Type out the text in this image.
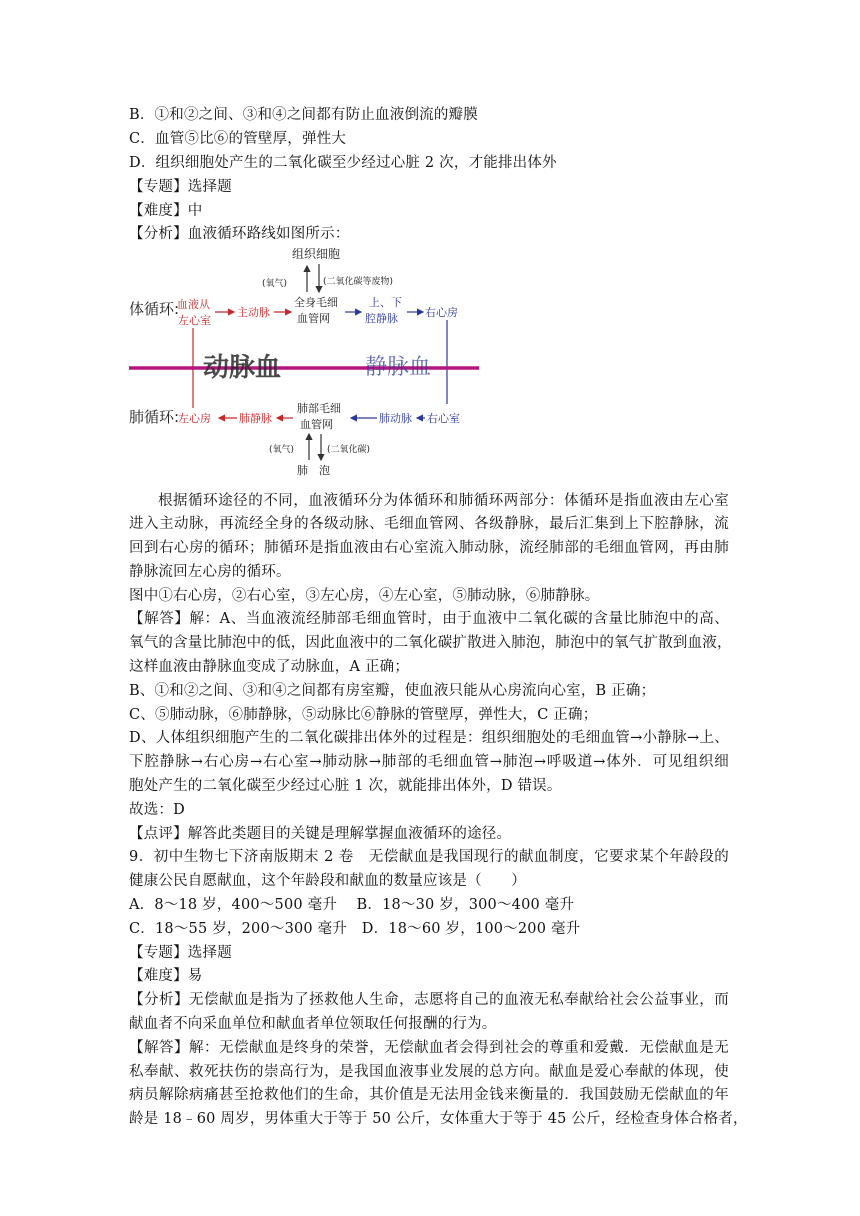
B．①和②之间、③和④之间都有防止血液倒流的瓣膜
C．血管⑤比⑥的管壁厚，弹性大
D．组织细胞处产生的二氧化碳至少经过心脏 2 次，才能排出体外
【专题】选择题
【难度】中
【分析】血液循环路线如图所示：
组织细胞
(氧气)	(二氧化碳等废物)
体循环:
血液从
左心室
主动脉
全身毛细
血管网
上、下
腔静脉 右心房
动脉血	静脉血
肺循环:
左心房	肺静脉
肺部毛细
血管网	肺动脉 右心室
(氧气)	(二氧化碳)
肺　泡
根据循环途径的不同，血液循环分为体循环和肺循环两部分：体循环是指血液由左心室
进入主动脉，再流经全身的各级动脉、毛细血管网、各级静脉，最后汇集到上下腔静脉，流
回到右心房的循环；肺循环是指血液由右心室流入肺动脉，流经肺部的毛细血管网，再由肺
静脉流回左心房的循环。
图中①右心房，②右心室，③左心房，④左心室，⑤肺动脉，⑥肺静脉。
【解答】解：A、当血液流经肺部毛细血管时，由于血液中二氧化碳的含量比肺泡中的高、
氧气的含量比肺泡中的低，因此血液中的二氧化碳扩散进入肺泡，肺泡中的氧气扩散到血液，
这样血液由静脉血变成了动脉血，A 正确；
B、①和②之间、③和④之间都有房室瓣，使血液只能从心房流向心室，B 正确；
C、⑤肺动脉，⑥肺静脉，⑤动脉比⑥静脉的管壁厚，弹性大，C 正确；
D、人体组织细胞产生的二氧化碳排出体外的过程是：组织细胞处的毛细血管→小静脉→上、
下腔静脉→右心房→右心室→肺动脉→肺部的毛细血管→肺泡→呼吸道→体外．可见组织细
胞处产生的二氧化碳至少经过心脏 1 次，就能排出体外，D 错误。
故选：D
【点评】解答此类题目的关键是理解掌握血液循环的途径。
9．初中生物七下济南版期末 2 卷　无偿献血是我国现行的献血制度，它要求某个年龄段的
健康公民自愿献血，这个年龄段和献血的数量应该是（　　）
A．8～18 岁，400～500 毫升　 B．18～30 岁，300～400 毫升
C．18～55 岁，200～300 毫升　D．18～60 岁，100～200 毫升
【专题】选择题
【难度】易
【分析】无偿献血是指为了拯救他人生命，志愿将自己的血液无私奉献给社会公益事业，而
献血者不向采血单位和献血者单位领取任何报酬的行为。
【解答】解：无偿献血是终身的荣誉，无偿献血者会得到社会的尊重和爱戴．无偿献血是无
私奉献、救死扶伤的崇高行为，是我国血液事业发展的总方向。献血是爱心奉献的体现，使
病员解除病痛甚至抢救他们的生命，其价值是无法用金钱来衡量的．我国鼓励无偿献血的年
龄是 18﹣60 周岁，男体重大于等于 50 公斤，女体重大于等于 45 公斤，经检查身体合格者，
